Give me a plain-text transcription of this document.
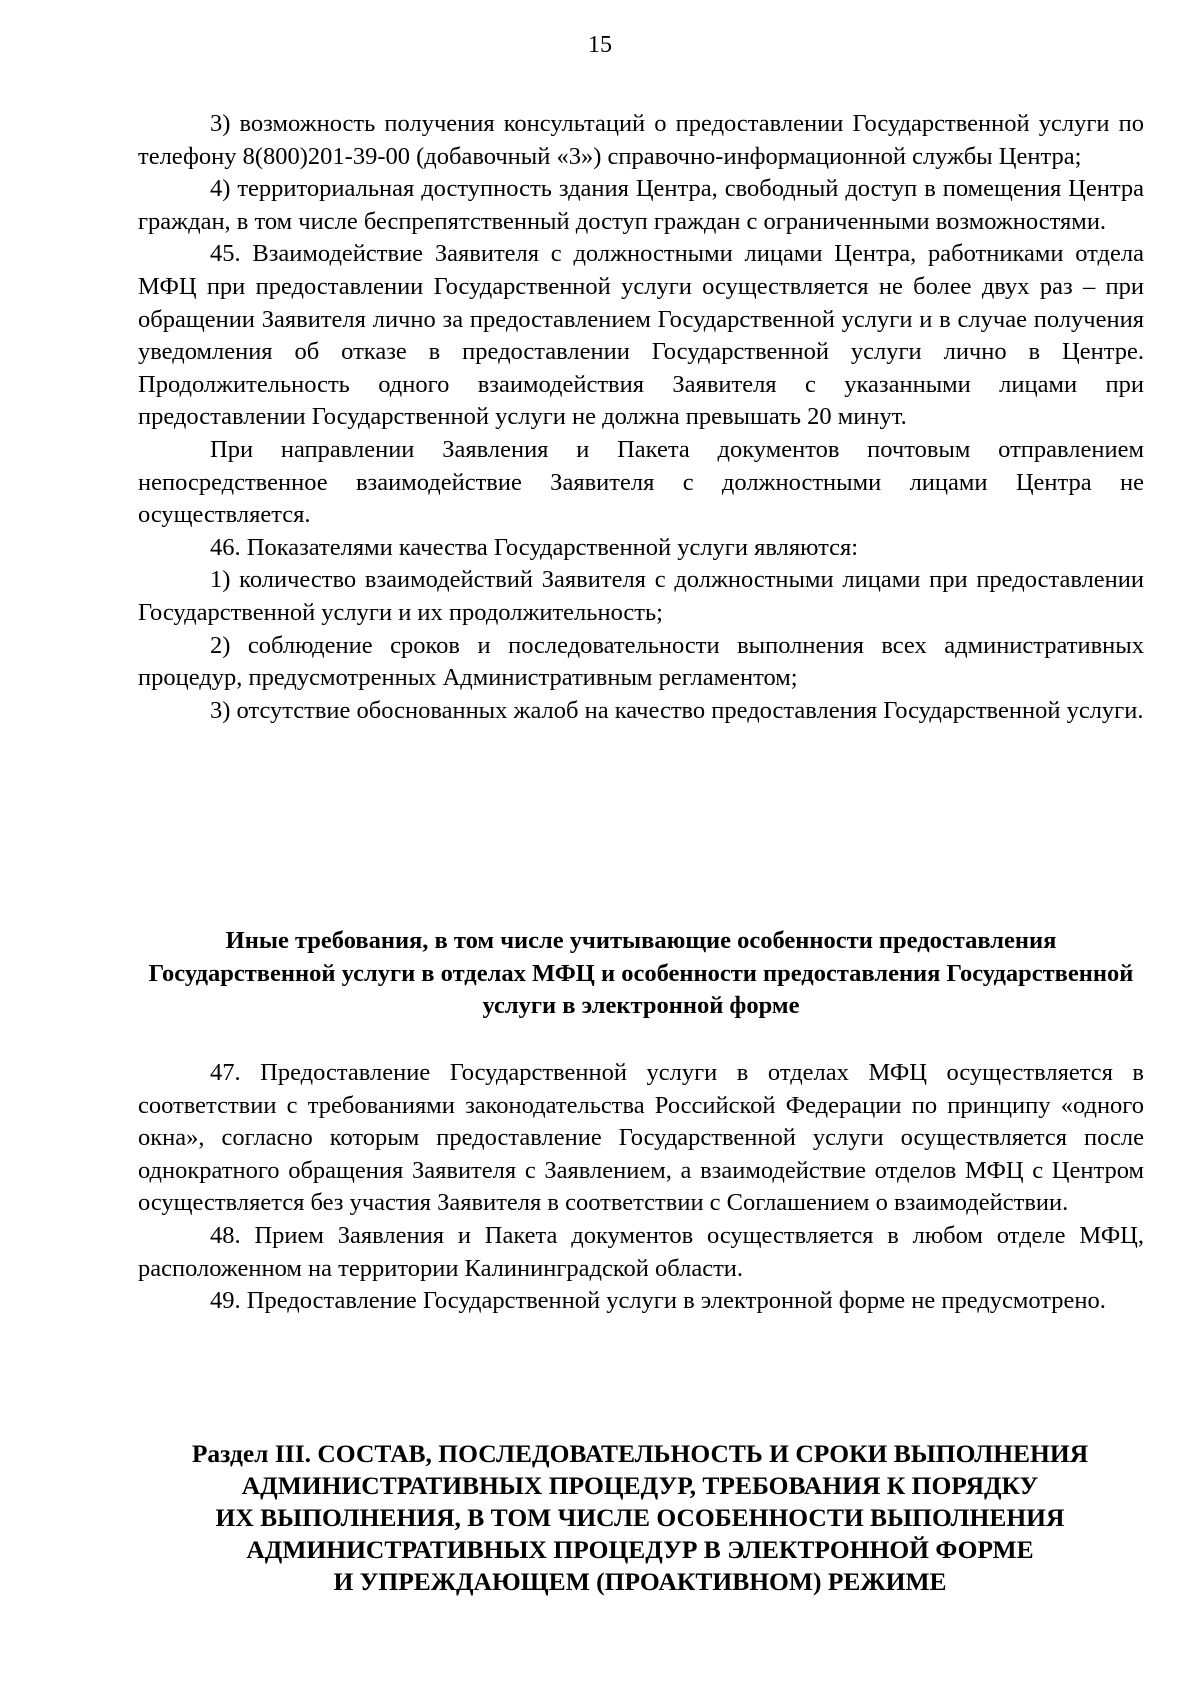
15

3) возможность получения консультаций о предоставлении Государственной услуги по телефону 8(800)201-39-00 (добавочный «3») справочно-информационной службы Центра;

4) территориальная доступность здания Центра, свободный доступ в помещения Центра граждан, в том числе беспрепятственный доступ граждан с ограниченными возможностями.

45. Взаимодействие Заявителя с должностными лицами Центра, работниками отдела МФЦ при предоставлении Государственной услуги осуществляется не более двух раз – при обращении Заявителя лично за предоставлением Государственной услуги и в случае получения уведомления об отказе в предоставлении Государственной услуги лично в Центре. Продолжительность одного взаимодействия Заявителя с указанными лицами при предоставлении Государственной услуги не должна превышать 20 минут.

При направлении Заявления и Пакета документов почтовым отправлением непосредственное взаимодействие Заявителя с должностными лицами Центра не осуществляется.

46. Показателями качества Государственной услуги являются:

1) количество взаимодействий Заявителя с должностными лицами при предоставлении Государственной услуги и их продолжительность;

2) соблюдение сроков и последовательности выполнения всех административных процедур, предусмотренных Административным регламентом;

3) отсутствие обоснованных жалоб на качество предоставления Государственной услуги.

Иные требования, в том числе учитывающие особенности предоставления Государственной услуги в отделах МФЦ и особенности предоставления Государственной услуги в электронной форме

47. Предоставление Государственной услуги в отделах МФЦ осуществляется в соответствии с требованиями законодательства Российской Федерации по принципу «одного окна», согласно которым предоставление Государственной услуги осуществляется после однократного обращения Заявителя с Заявлением, а взаимодействие отделов МФЦ с Центром осуществляется без участия Заявителя в соответствии с Соглашением о взаимодействии.

48. Прием Заявления и Пакета документов осуществляется в любом отделе МФЦ, расположенном на территории Калининградской области.

49. Предоставление Государственной услуги в электронной форме не предусмотрено.

Раздел III. СОСТАВ, ПОСЛЕДОВАТЕЛЬНОСТЬ И СРОКИ ВЫПОЛНЕНИЯ
АДМИНИСТРАТИВНЫХ ПРОЦЕДУР, ТРЕБОВАНИЯ К ПОРЯДКУ
ИХ ВЫПОЛНЕНИЯ, В ТОМ ЧИСЛЕ ОСОБЕННОСТИ ВЫПОЛНЕНИЯ
АДМИНИСТРАТИВНЫХ ПРОЦЕДУР В ЭЛЕКТРОННОЙ ФОРМЕ
И УПРЕЖДАЮЩЕМ (ПРОАКТИВНОМ) РЕЖИМЕ
